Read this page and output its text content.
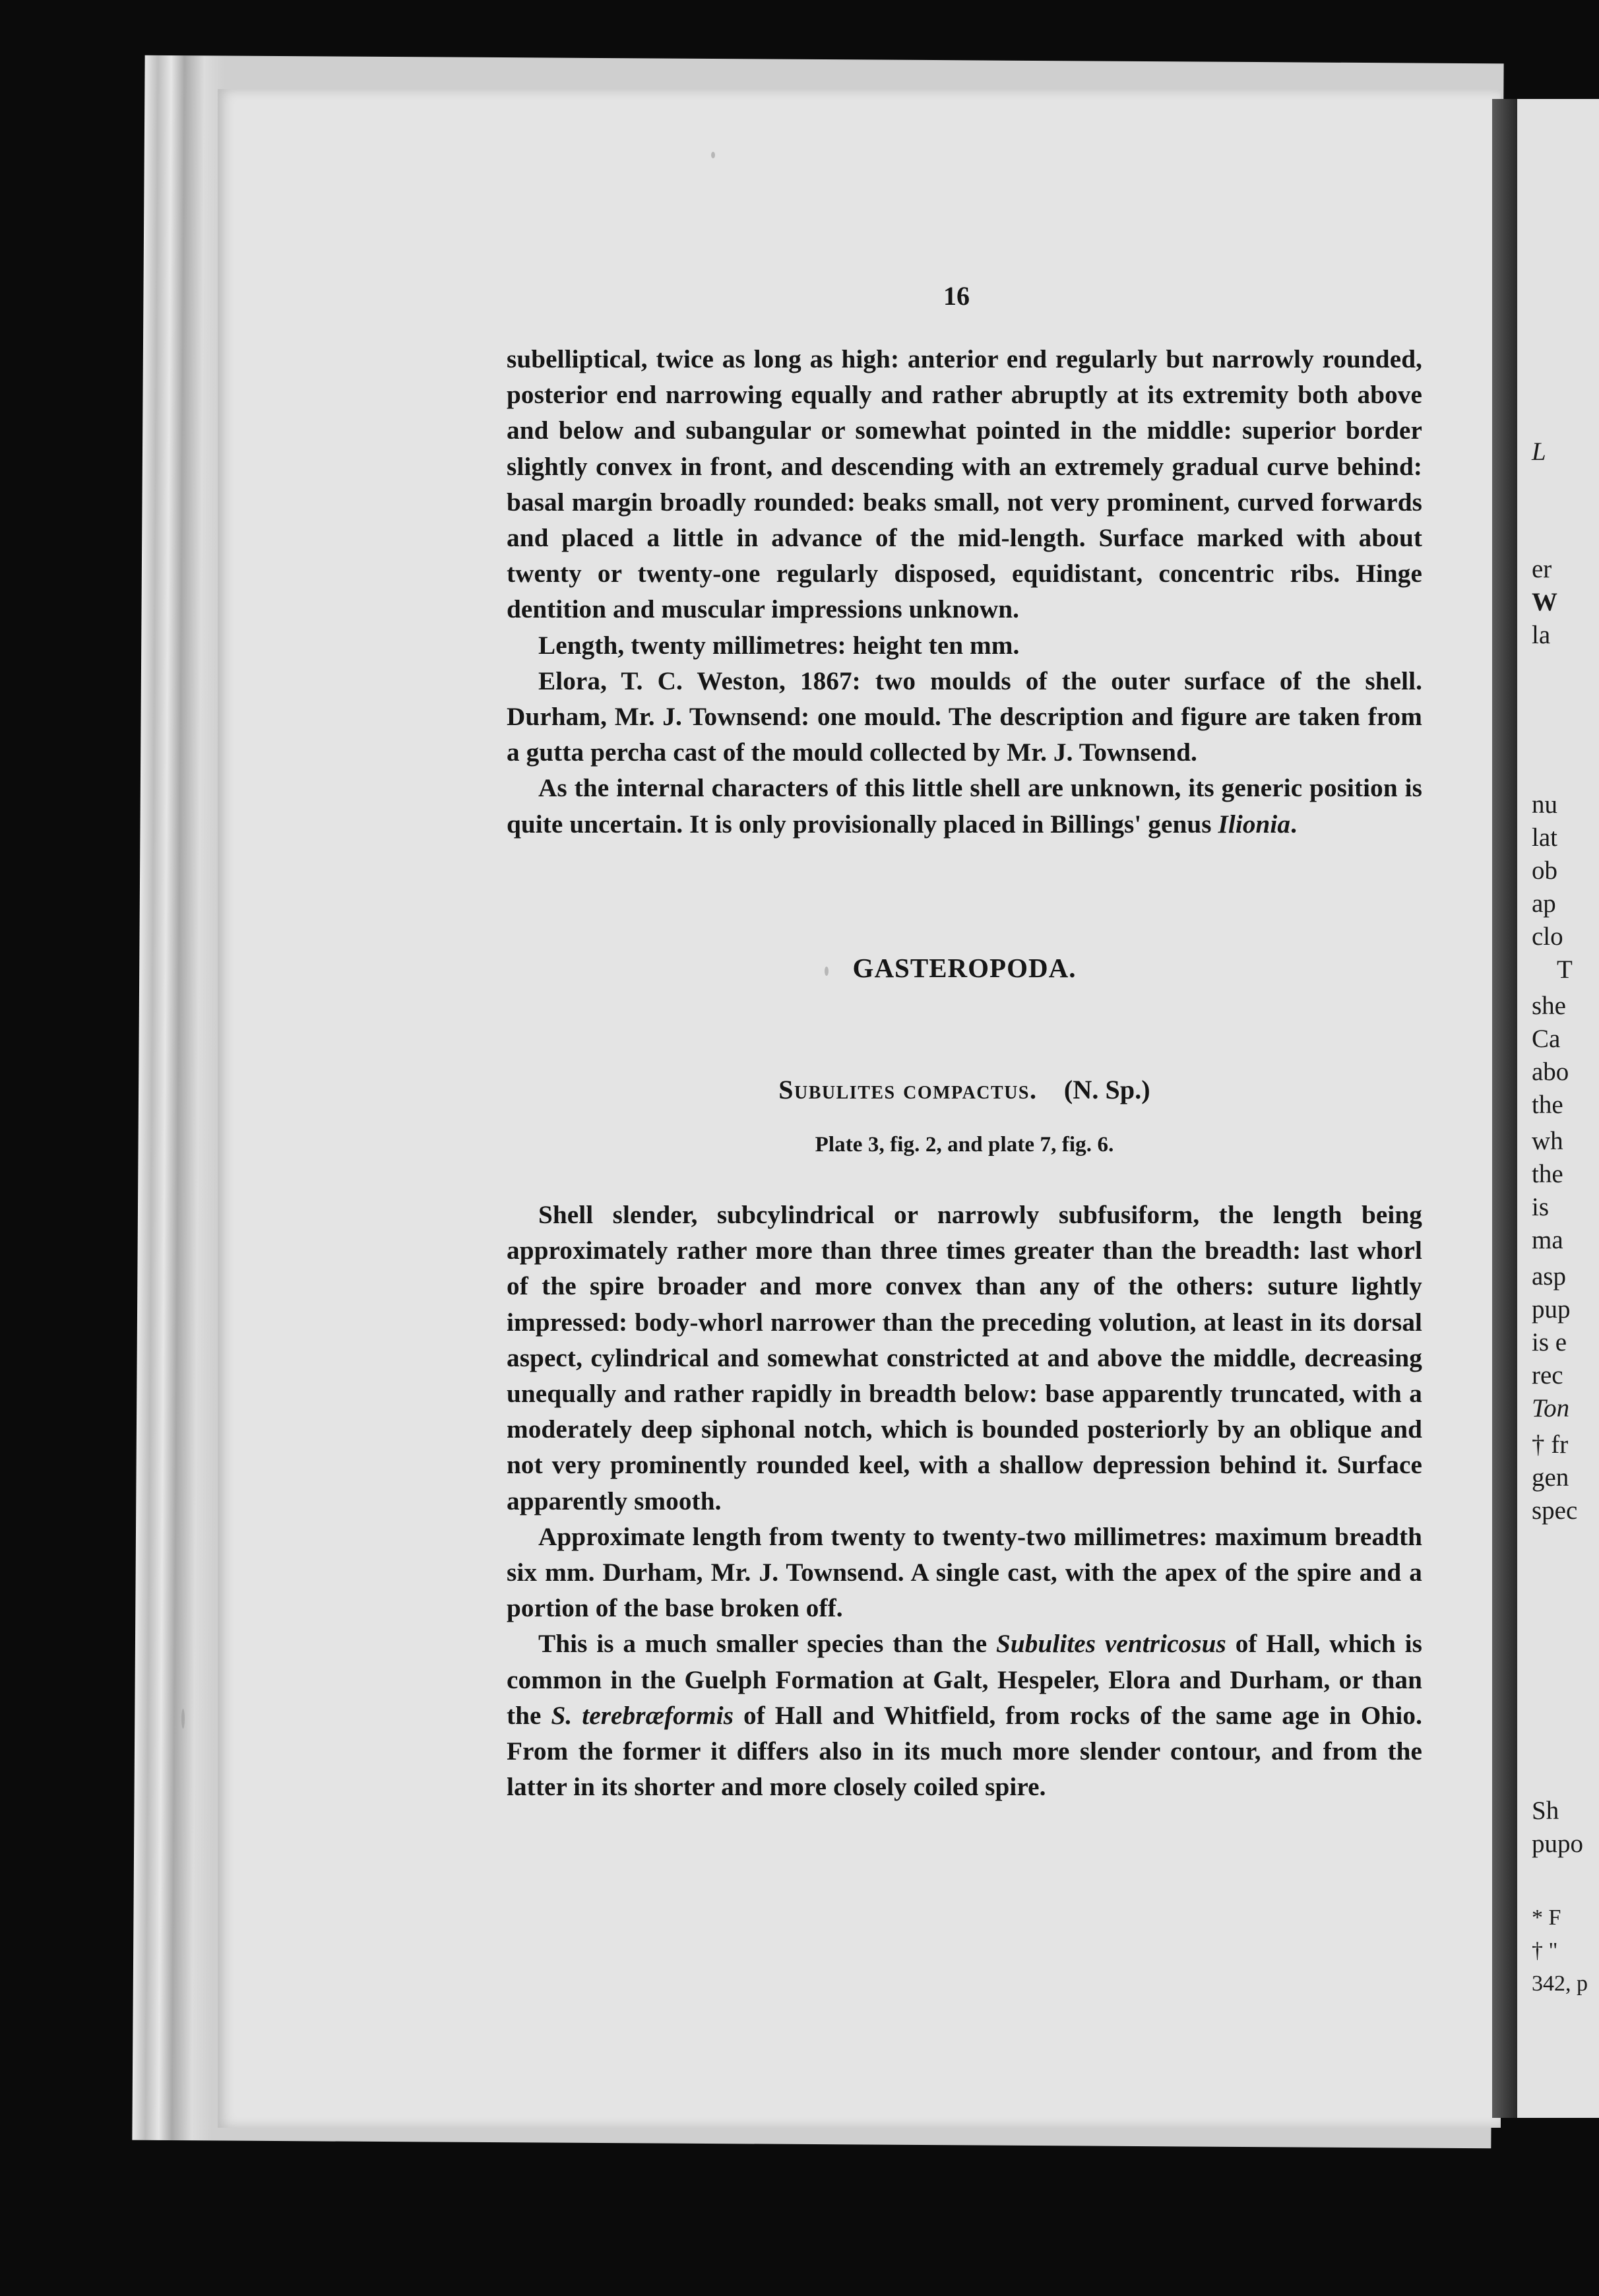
L
er
W
la
nu
lat
ob
ap
clo
T
she
Ca
abo
the
wh
the
is
ma
asp
pup
is e
rec
Ton
† fr
gen
spec
Sh
pupo
* F
† "
342, p
16

subelliptical, twice as long as high: anterior end regularly but narrowly rounded, posterior end narrowing equally and rather abruptly at its extremity both above and below and subangular or somewhat pointed in the middle: superior border slightly convex in front, and descending with an extremely gradual curve behind: basal margin broadly rounded: beaks small, not very prominent, curved forwards and placed a little in advance of the mid-length. Surface marked with about twenty or twenty-one regularly disposed, equidistant, concentric ribs. Hinge dentition and muscular impressions unknown.

Length, twenty millimetres: height ten mm.

Elora, T. C. Weston, 1867: two moulds of the outer surface of the shell. Durham, Mr. J. Townsend: one mould. The description and figure are taken from a gutta percha cast of the mould collected by Mr. J. Townsend.

As the internal characters of this little shell are unknown, its generic position is quite uncertain. It is only provisionally placed in Billings' genus Ilionia.

GASTEROPODA.
Subulites compactus. (N. Sp.)
Plate 3, fig. 2, and plate 7, fig. 6.

Shell slender, subcylindrical or narrowly subfusiform, the length being approximately rather more than three times greater than the breadth: last whorl of the spire broader and more convex than any of the others: suture lightly impressed: body-whorl narrower than the preceding volution, at least in its dorsal aspect, cylindrical and somewhat constricted at and above the middle, decreasing unequally and rather rapidly in breadth below: base apparently truncated, with a moderately deep siphonal notch, which is bounded posteriorly by an oblique and not very prominently rounded keel, with a shallow depression behind it. Surface apparently smooth.

Approximate length from twenty to twenty-two millimetres: maximum breadth six mm. Durham, Mr. J. Townsend. A single cast, with the apex of the spire and a portion of the base broken off.

This is a much smaller species than the Subulites ventricosus of Hall, which is common in the Guelph Formation at Galt, Hespeler, Elora and Durham, or than the S. terebræformis of Hall and Whitfield, from rocks of the same age in Ohio. From the former it differs also in its much more slender contour, and from the latter in its shorter and more closely coiled spire.
